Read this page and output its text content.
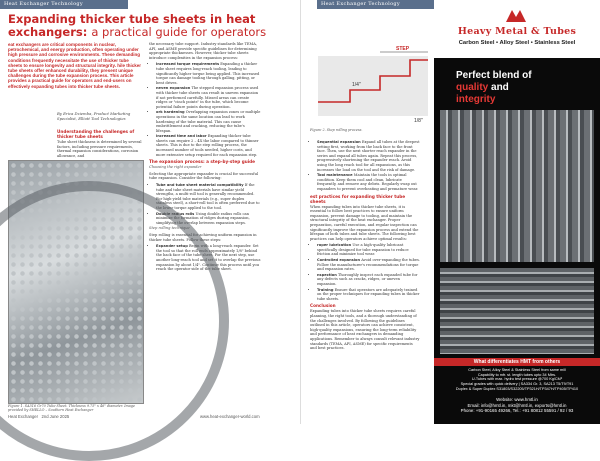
Heat Exchanger Technology
Expanding thicker tube sheets in heat exchangers: a practical guide for operators
eat exchangers are critical components in nuclear, petrochemical, and energy production, often operating under high pressure and corrosive environments. These demanding conditions frequently necessitate the use of thicker tube sheets to ensure longevity and structural integrity. hile thicker tube sheets offer enhanced durability, they present unique challenges during the tube expansion process. This article provides a practical guide for operators and end-users on effectively expanding tubes into thicker tube sheets.
By Erica Dziemba, Product Marketing Specialist, Elliott Tool Technologies
Understanding the challenges of thicker tube sheets

Tube sheet thickness is determined by several factors, including pressure requirements, thermal expansion considerations, corrosion allowance, and

the necessary tube support. Industry standards like TEMA, API, and ASME provide specific guidelines for determining appropriate thicknesses. However, thicker tube sheets introduce complexities in the expansion process:

• increased torque requirements Expanding a thicker tube sheet requires long-reach tooling, leading to significantly higher torque being applied. This increased torque can damage tooling through galling, pitting, or bent drives.
• neven expansion The stepped expansion process used with thicker tube sheets can result in uneven expansion if not performed carefully. Missed areas can create ridges or "cinch points" in the tube, which become potential failure points during operation.
• ork hardening Overlapping expansion zones or multiple operations in the same location can lead to work hardening of the tube material. This can cause embrittlement and cracking, reducing the tube's lifespan.
• increased time and labor Expanding thicker tube sheets can require 2 – 4X the labor compared to thinner sheets. This is due to the step rolling process, the increased number of tools needed, higher costs, and more extensive setup required for each expansion step.
The expansion process: a step-by-step guide

Choosing the right expander

Selecting the appropriate expander is crucial for successful tube expansion. Consider the following:

• Tube and tube sheet material compatibility If the tube and tube sheet materials have similar yield strengths, a multi-roll tool is generally recommended. For high-yield tube materials (e.g., super duplex stainless steel), a short-roll tool is often preferred due to the lower torque applied to the tool.
• Double radius rolls Using double radius rolls can minimize the formation of ridges during expansion, simplifying the overlap between expansion steps.

Step rolling technique

Step rolling is essential for achieving uniform expansion in thicker tube sheets. Follow these steps:

• Expander setup Begin with a long-reach expander. Set the tool so that the roll ends approximately 1/8" behind the back face of the tube sheet. For the next step, use another long-reach tool and set it to overlap the previous expansion by about 1/4". Continue this process until you reach the operator side of the tube sheet.
Figure 1. SA516 Gr70 Tube Sheet. Thickness 9.75" x 46" diameter. Image provided by SHELLO – Southern Heat Exchanger
Heat Exchanger 2nd June 2025	www.heat-exchanger-world.com
Heat Exchanger Technology
STEP
1/4"
1/8"
Figure 2. Step rolling process.
• Sequential expansion Expand all tubes at the deepest setting first, working from the back face to the front face. Then, use the next shorter reach expander in the series and expand all tubes again. Repeat this process, progressively shortening the expander reach. Avoid using the long reach tool for all expansions, as this increases the load on the tool and the risk of damage.
• Tool maintenance Maintain the tools in optimal condition. Keep them cool and clean, lubricate frequently, and remove any debris. Regularly swap out expanders to prevent overheating and premature wear.
est practices for expanding thicker tube sheets

When expanding tubes into thicker tube sheets, it is essential to follow best practices to ensure uniform expansion, prevent damage to tooling, and maintain the structural integrity of the heat exchanger. Proper preparation, careful execution, and regular inspection can significantly improve the expansion process and extend the lifespan of both tubes and tube sheets. The following best practices can help operators achieve optimal results:

• roper lubrication Use a high-quality lubricant specifically designed for tube expansion to reduce friction and minimize tool wear.
• Controlled expansion Avoid over-expanding the tubes. Follow the manufacturer's recommendations for torque and expansion rates.
• nspection Thoroughly inspect each expanded tube for any defects such as cracks, ridges, or uneven expansion.
• Training Ensure that operators are adequately trained on the proper techniques for expanding tubes in thicker tube sheets.
Conclusion

Expanding tubes into thicker tube sheets requires careful planning, the right tools, and a thorough understanding of the challenges involved. By following the guidelines outlined in this article, operators can achieve consistent, high-quality expansions, ensuring the long-term reliability and performance of heat exchangers in demanding applications. Remember to always consult relevant industry standards (TEMA, API, ASME) for specific requirements and best practices.

Heavy Metal & Tubes
Carbon Steel • Alloy Steel • Stainless Steel
Perfect blend of
quality and
integrity
What differentiates HMT from others
Carbon Steel, Alloy Steel & Stainless Steel from same mill
Capability to mfr. st. length tubes upto 34 Mtrs.
U-Tubes with max. hydro test pressure @700 Kg/CM²
Special grades with quick delivery | SA334 Gr. 3, SA213 T5/T9/T91
Duplex & Super Duplex S31803/S32205/TP321H/TP347H/TP405/TP410
Website: www.hmtl.in
Email: info@hmtl.in, mkt@hmtl.in, exports@hmtl.in
Phone: +91-90165 49266, Tel.: +91 80812 55591 / 92 / 93
